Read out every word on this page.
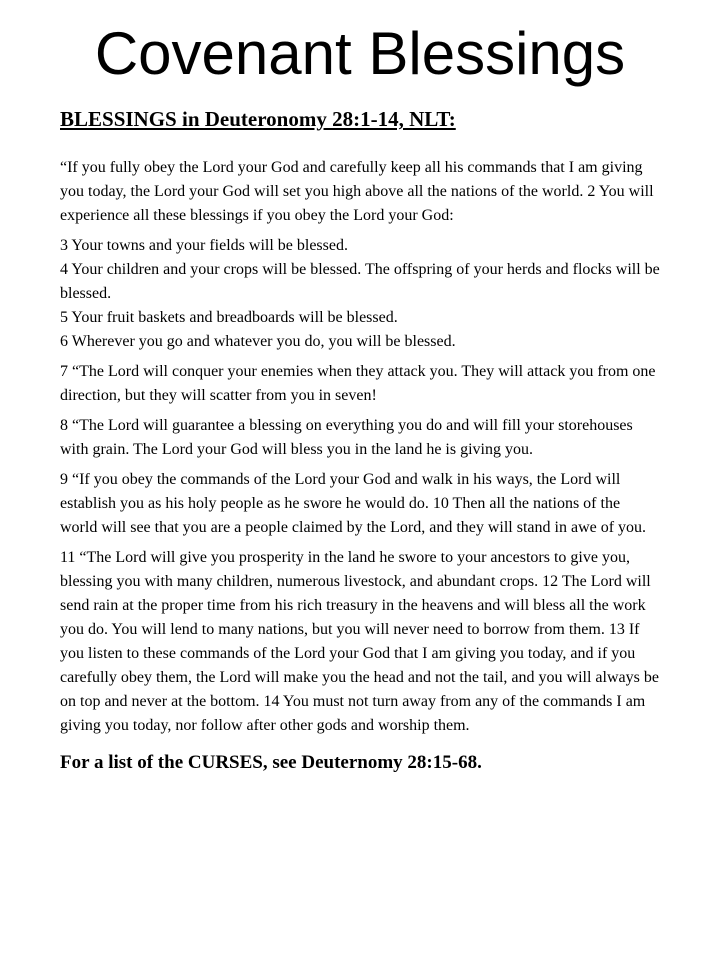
Covenant Blessings
BLESSINGS in Deuteronomy 28:1-14, NLT:
“If you fully obey the Lord your God and carefully keep all his commands that I am giving you today, the Lord your God will set you high above all the nations of the world. 2 You will experience all these blessings if you obey the Lord your God:
3 Your towns and your fields will be blessed.
4 Your children and your crops will be blessed. The offspring of your herds and flocks will be blessed.
5 Your fruit baskets and breadboards will be blessed.
6 Wherever you go and whatever you do, you will be blessed.
7 “The Lord will conquer your enemies when they attack you. They will attack you from one direction, but they will scatter from you in seven!
8 “The Lord will guarantee a blessing on everything you do and will fill your storehouses with grain. The Lord your God will bless you in the land he is giving you.
9 “If you obey the commands of the Lord your God and walk in his ways, the Lord will establish you as his holy people as he swore he would do. 10 Then all the nations of the world will see that you are a people claimed by the Lord, and they will stand in awe of you.
11 “The Lord will give you prosperity in the land he swore to your ancestors to give you, blessing you with many children, numerous livestock, and abundant crops. 12 The Lord will send rain at the proper time from his rich treasury in the heavens and will bless all the work you do. You will lend to many nations, but you will never need to borrow from them. 13 If you listen to these commands of the Lord your God that I am giving you today, and if you carefully obey them, the Lord will make you the head and not the tail, and you will always be on top and never at the bottom. 14 You must not turn away from any of the commands I am giving you today, nor follow after other gods and worship them.
For a list of the CURSES, see Deuternomy 28:15-68.
